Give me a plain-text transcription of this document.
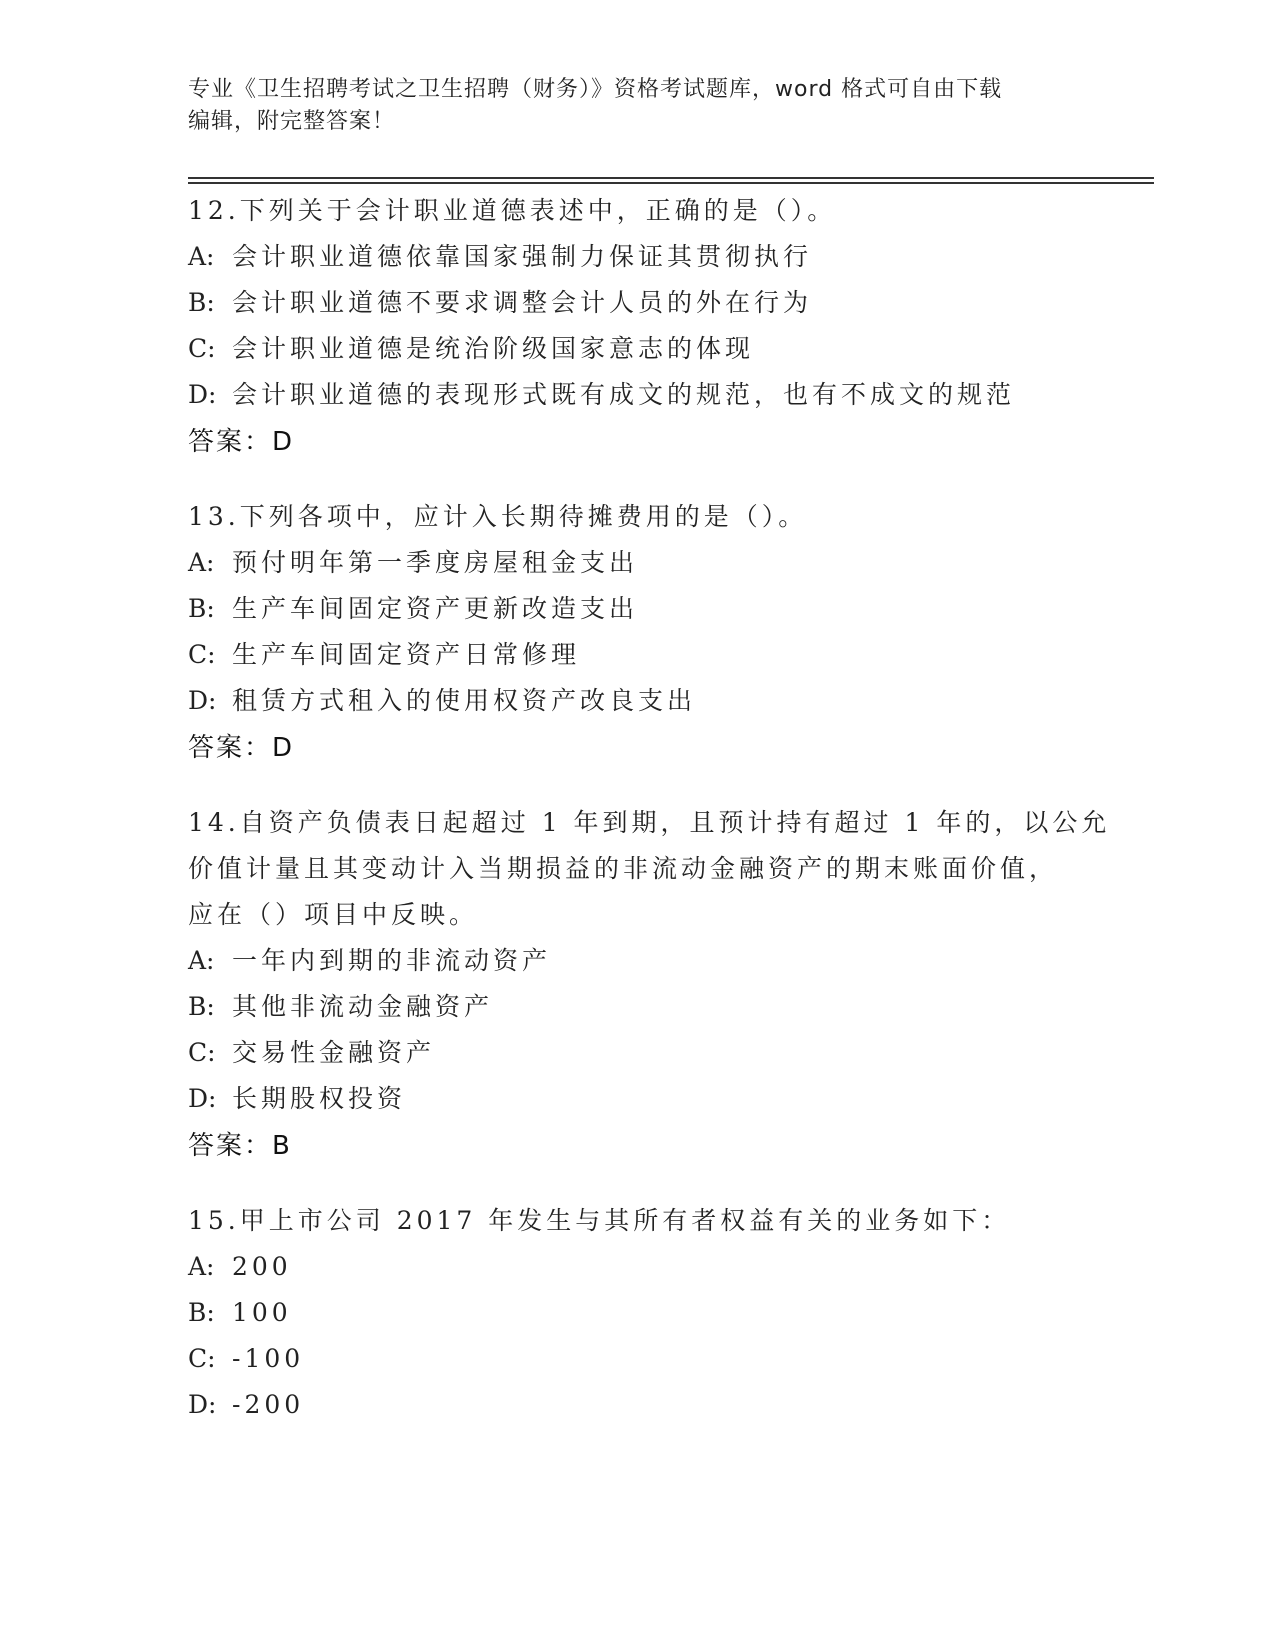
专业《卫生招聘考试之卫生招聘（财务）》资格考试题库，word 格式可自由下载
编辑，附完整答案！
12.下列关于会计职业道德表述中，正确的是（）。
A: 会计职业道德依靠国家强制力保证其贯彻执行
B: 会计职业道德不要求调整会计人员的外在行为
C: 会计职业道德是统治阶级国家意志的体现
D: 会计职业道德的表现形式既有成文的规范，也有不成文的规范
答案：D
13.下列各项中，应计入长期待摊费用的是（）。
A: 预付明年第一季度房屋租金支出
B: 生产车间固定资产更新改造支出
C: 生产车间固定资产日常修理
D: 租赁方式租入的使用权资产改良支出
答案：D
14.自资产负债表日起超过 1 年到期，且预计持有超过 1 年的，以公允
价值计量且其变动计入当期损益的非流动金融资产的期末账面价值，
应在（）项目中反映。
A: 一年内到期的非流动资产
B: 其他非流动金融资产
C: 交易性金融资产
D: 长期股权投资
答案：B
15.甲上市公司 2017 年发生与其所有者权益有关的业务如下：
A: 200
B: 100
C: -100
D: -200
